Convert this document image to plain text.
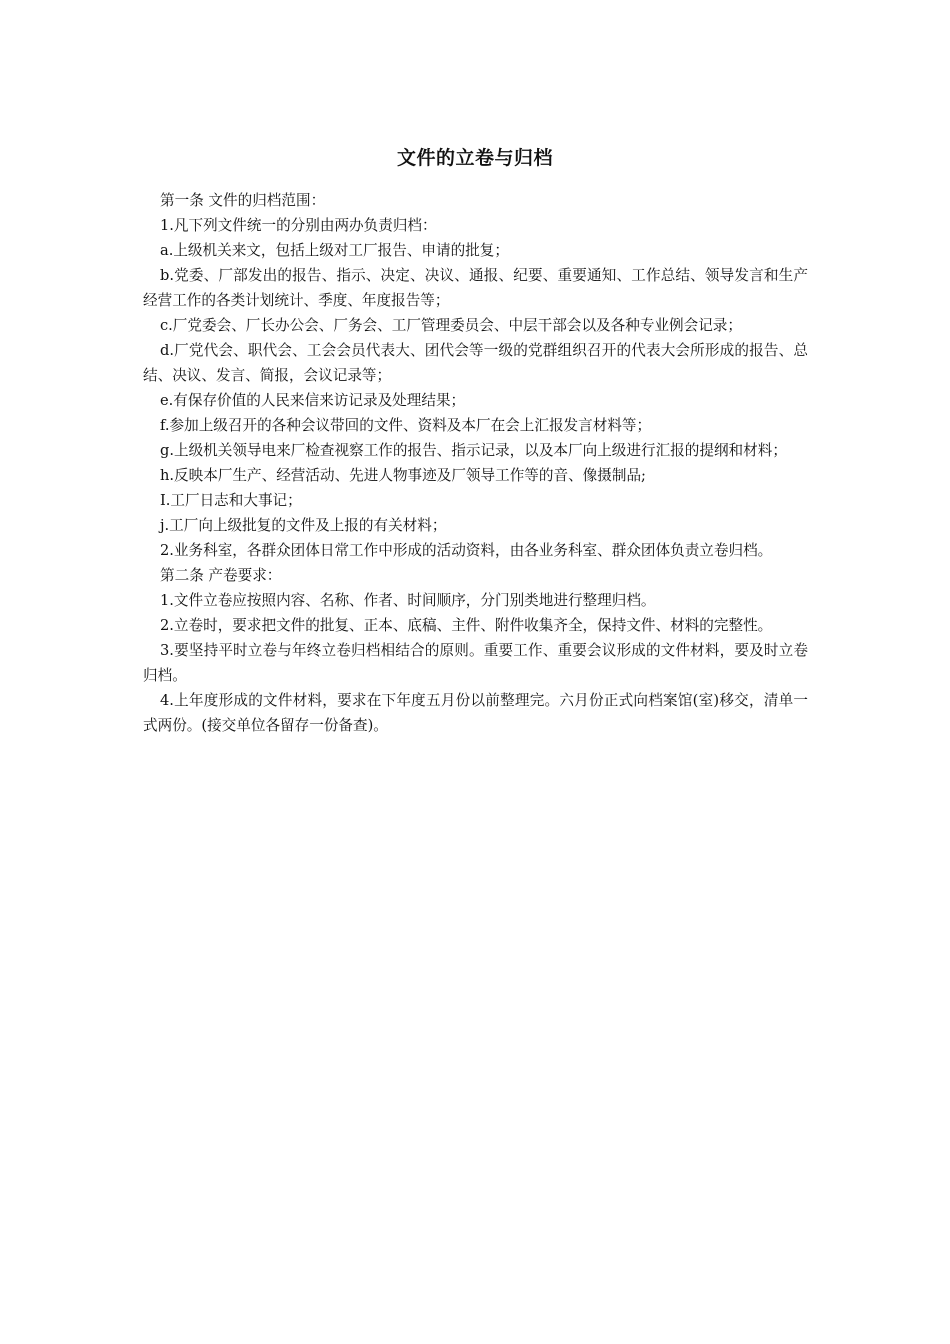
文件的立卷与归档

第一条 文件的归档范围：

1.凡下列文件统一的分别由两办负责归档：

a.上级机关来文，包括上级对工厂报告、申请的批复；

b.党委、厂部发出的报告、指示、决定、决议、通报、纪要、重要通知、工作总结、领导发言和生产经营工作的各类计划统计、季度、年度报告等；

c.厂党委会、厂长办公会、厂务会、工厂管理委员会、中层干部会以及各种专业例会记录；

d.厂党代会、职代会、工会会员代表大、团代会等一级的党群组织召开的代表大会所形成的报告、总结、决议、发言、简报，会议记录等；

e.有保存价值的人民来信来访记录及处理结果；

f.参加上级召开的各种会议带回的文件、资料及本厂在会上汇报发言材料等；

g.上级机关领导电来厂检查视察工作的报告、指示记录，以及本厂向上级进行汇报的提纲和材料；

h.反映本厂生产、经营活动、先进人物事迹及厂领导工作等的音、像摄制品;

I.工厂日志和大事记；

j.工厂向上级批复的文件及上报的有关材料；

2.业务科室，各群众团体日常工作中形成的活动资料，由各业务科室、群众团体负责立卷归档。

第二条 产卷要求：

1.文件立卷应按照内容、名称、作者、时间顺序，分门别类地进行整理归档。

2.立卷时，要求把文件的批复、正本、底稿、主件、附件收集齐全，保持文件、材料的完整性。

3.要坚持平时立卷与年终立卷归档相结合的原则。重要工作、重要会议形成的文件材料，要及时立卷归档。

4.上年度形成的文件材料，要求在下年度五月份以前整理完。六月份正式向档案馆(室)移交，清单一式两份。(接交单位各留存一份备查)。
